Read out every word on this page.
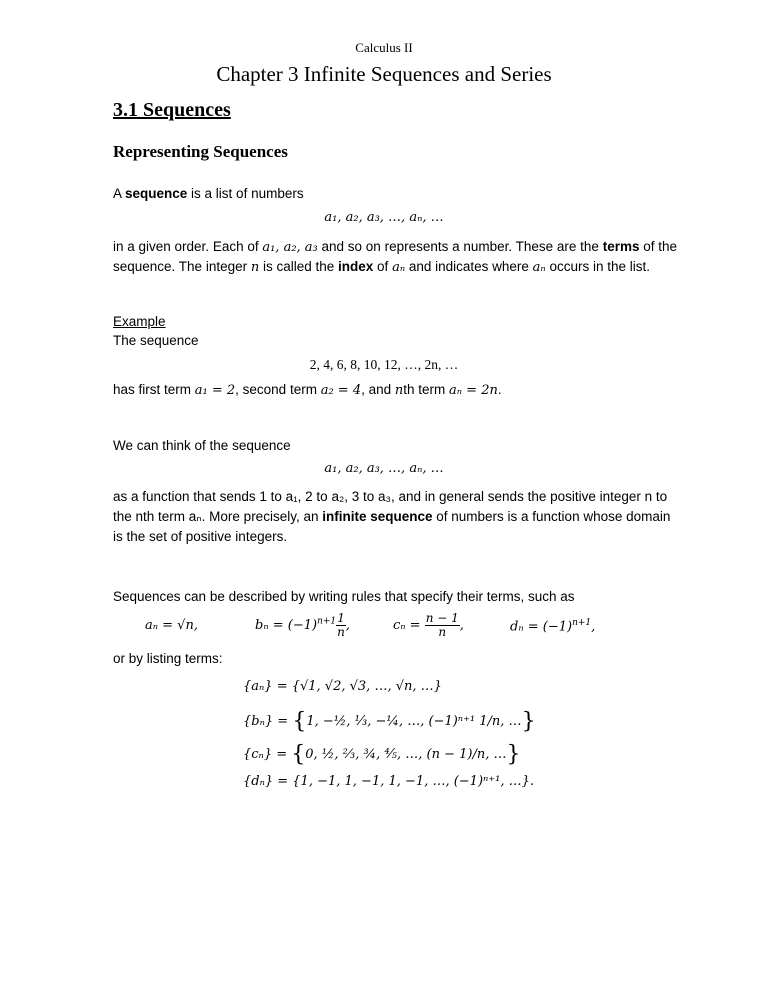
Calculus II
Chapter 3 Infinite Sequences and Series
3.1 Sequences
Representing Sequences
A sequence is a list of numbers
a₁, a₂, a₃, …, aₙ, …
in a given order. Each of a₁, a₂, a₃ and so on represents a number. These are the terms of the
sequence. The integer n is called the index of aₙ and indicates where aₙ occurs in the list.
Example
The sequence
2, 4, 6, 8, 10, 12, …, 2n, …
has first term a₁ = 2, second term a₂ = 4, and nth term aₙ = 2n.
We can think of the sequence
a₁, a₂, a₃, …, aₙ, …
as a function that sends 1 to a₁, 2 to a₂, 3 to a₃, and in general sends the positive integer n to
the nth term aₙ. More precisely, an infinite sequence of numbers is a function whose domain
is the set of positive integers.
Sequences can be described by writing rules that specify their terms, such as
aₙ = √n,	$b_n = (-1)^{n+1} \frac{1}{n}$ ,	$c_n = \frac{n - 1}{n}$ ,	$d_n = (-1)^{n+1}$,
or by listing terms:
{aₙ} = {√1, √2, √3, …, √n, …}
{bₙ} = {1, −½, ⅓, −¼, …, (−1)ⁿ⁺¹ 1/n, …}
{cₙ} = {0, ½, ⅔, ¾, ⅘, …, (n − 1)/n, …}
{dₙ} = {1, −1, 1, −1, 1, −1, …, (−1)ⁿ⁺¹, …}.
